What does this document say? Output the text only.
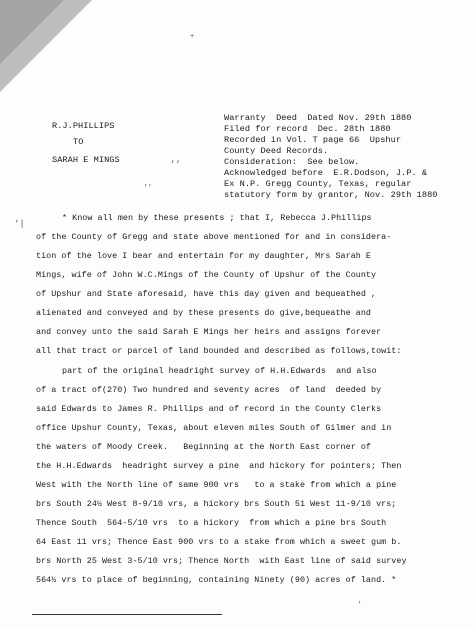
+
’’
,,
‘|
,
R.J.PHILLIPS
TO
SARAH E MINGS
Warranty  Deed  Dated Nov. 29th 1880
Filed for record  Dec. 28th 1880
Recorded in Vol. T page 66  Upshur
County Deed Records.
Consideration:  See below.
Acknowledged before  E.R.Dodson, J.P. &
Ex N.P. Gregg County, Texas, regular
statutory form by grantor, Nov. 29th 1880
* Know all men by these presents ; that I, Rebecca J.Phillips
of the County of Gregg and state above mentioned for and in considera-
tion of the love I bear and entertain for my daughter, Mrs Sarah E
Mings, wife of John W.C.Mings of the County of Upshur of the County
of Upshur and State aforesaid, have this day given and bequeathed ,
alienated and conveyed and by these presents do give,bequeathe and
and convey unto the said Sarah E Mings her heirs and assigns forever
all that tract or parcel of land bounded and described as follows,towit:
part of the original headright survey of H.H.Edwards  and also
of a tract of(270) Two hundred and seventy acres  of land  deeded by
said Edwards to James R. Phillips and of record in the County Clerks
office Upshur County, Texas, about eleven miles South of Gilmer and in
the waters of Moody Creek.   Beginning at the North East corner of
the H.H.Edwards  headright survey a pine  and hickory for pointers; Then
West with the North line of same 900 vrs   to a stake from which a pine
brs South 24½ West 8-9/10 vrs, a hickory brs South 51 West 11-9/10 vrs;
Thence South  564-5/10 vrs  to a hickory  from which a pine brs South
64 East 11 vrs; Thence East 900 vrs to a stake from which a sweet gum b.
brs North 25 West 3-5/10 vrs; Thence North  with East line of said survey
564½ vrs to place of beginning, containing Ninety (90) acres of land. *
